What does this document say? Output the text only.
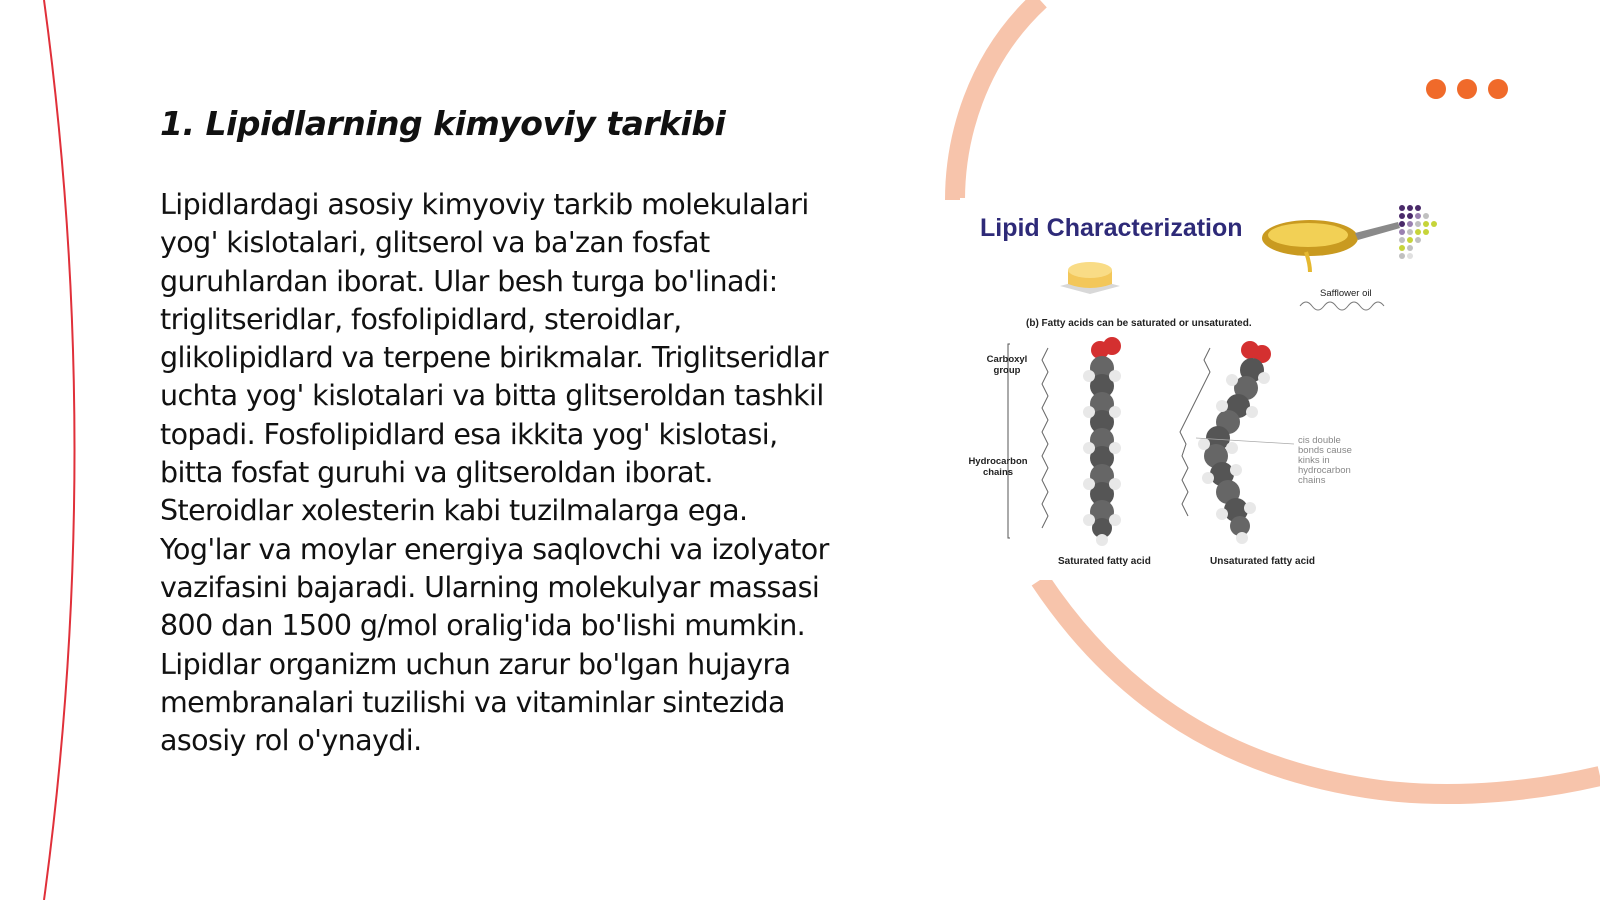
1. Lipidlarning kimyoviy tarkibi

Lipidlardagi asosiy kimyoviy tarkib molekulalari yog' kislotalari, glitserol va ba'zan fosfat guruhlardan iborat. Ular besh turga bo'linadi: triglitseridlar, fosfolipidlard, steroidlar, glikolipidlard va terpene birikmalar. Triglitseridlar uchta yog' kislotalari va bitta glitseroldan tashkil topadi. Fosfolipidlard esa ikkita yog' kislotasi, bitta fosfat guruhi va glitseroldan iborat. Steroidlar xolesterin kabi tuzilmalarga ega. Yog'lar va moylar energiya saqlovchi va izolyator vazifasini bajaradi. Ularning molekulyar massasi 800 dan 1500 g/mol oralig'ida bo'lishi mumkin. Lipidlar organizm uchun zarur bo'lgan hujayra membranalari tuzilishi va vitaminlar sintezida asosiy rol o'ynaydi.

Lipid Characterization
Safflower oil
(b) Fatty acids can be saturated or unsaturated.
Carboxyl group
Hydrocarbon chains
cis double bonds cause kinks in hydrocarbon chains
Saturated fatty acid	Unsaturated fatty acid
